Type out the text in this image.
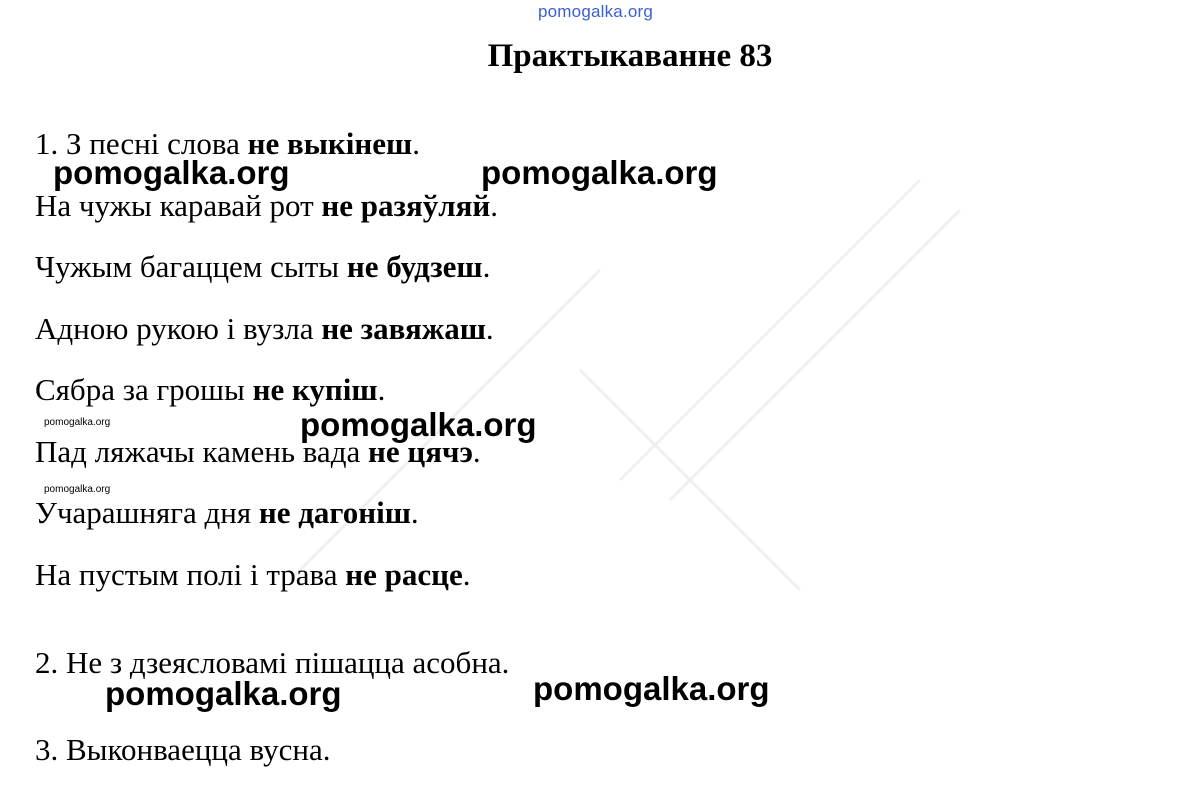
pomogalka.org
Практыкаванне 83
1. З песні слова не выкінеш.
На чужы каравай рот не разяўляй.
Чужым багаццем сыты не будзеш.
Адною рукою і вузла не завяжаш.
Сябра за грошы не купіш.
Пад ляжачы камень вада не цячэ.
Учарашняга дня не дагоніш.
На пустым полі і трава не расце.
2. Не з дзеясловамі пішацца асобна.
3. Выконваецца вусна.
pomogalka.org	pomogalka.org
pomogalka.org
pomogalka.org	pomogalka.org
pomogalka.org
pomogalka.org
